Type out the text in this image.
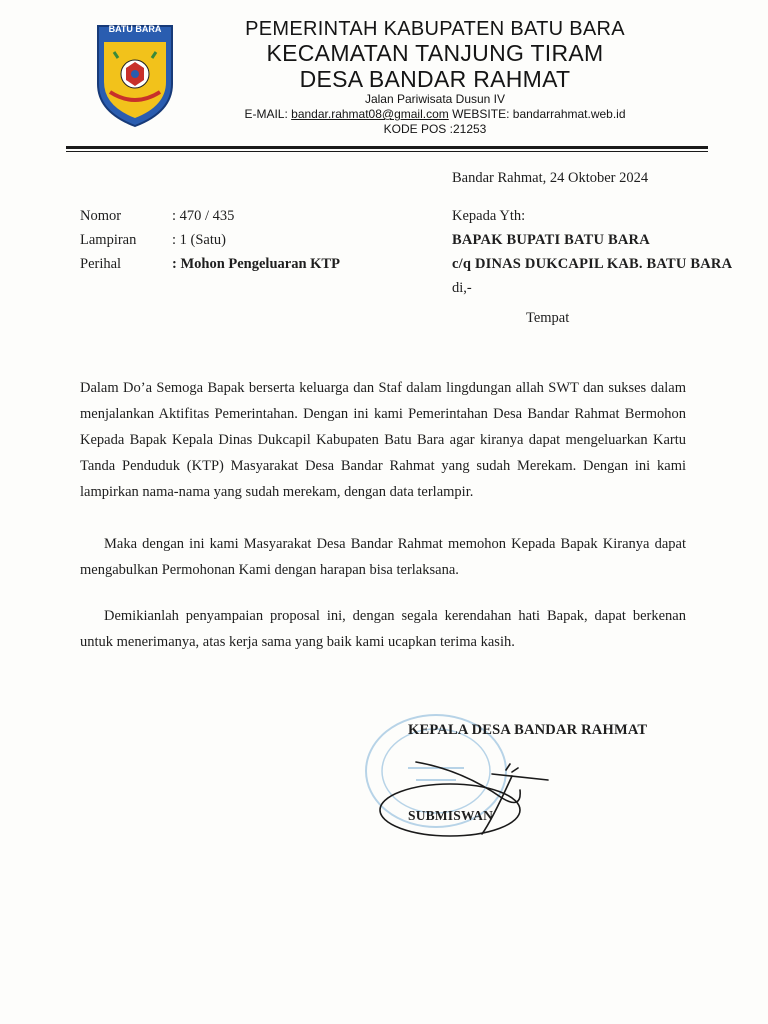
BATU BARA	PEMERINTAH KABUPATEN BATU BARA
KECAMATAN TANJUNG TIRAM
DESA BANDAR RAHMAT
Jalan Pariwisata Dusun IV
E-MAIL: bandar.rahmat08@gmail.com WEBSITE: bandarrahmat.web.id
KODE POS :21253
Bandar Rahmat, 24 Oktober 2024
Nomor	: 470 / 435
Lampiran	: 1 (Satu)
Perihal	: Mohon Pengeluaran KTP
Kepada Yth:
BAPAK BUPATI BATU BARA
c/q DINAS DUKCAPIL KAB. BATU BARA
di,-
Tempat
Dalam Do’a Semoga Bapak berserta keluarga dan Staf dalam lingdungan allah SWT dan sukses dalam menjalankan Aktifitas Pemerintahan. Dengan ini kami Pemerintahan Desa Bandar Rahmat Bermohon Kepada Bapak Kepala Dinas Dukcapil Kabupaten Batu Bara agar kiranya dapat mengeluarkan Kartu Tanda Penduduk (KTP) Masyarakat Desa Bandar Rahmat yang sudah Merekam. Dengan ini kami lampirkan nama-nama yang sudah merekam, dengan data terlampir.
Maka dengan ini kami Masyarakat Desa Bandar Rahmat memohon Kepada Bapak Kiranya dapat mengabulkan Permohonan Kami dengan harapan bisa terlaksana.
Demikianlah penyampaian proposal ini, dengan segala kerendahan hati Bapak, dapat berkenan untuk menerimanya, atas kerja sama yang baik kami ucapkan terima kasih.
KEPALA DESA BANDAR RAHMAT
SUBMISWAN
